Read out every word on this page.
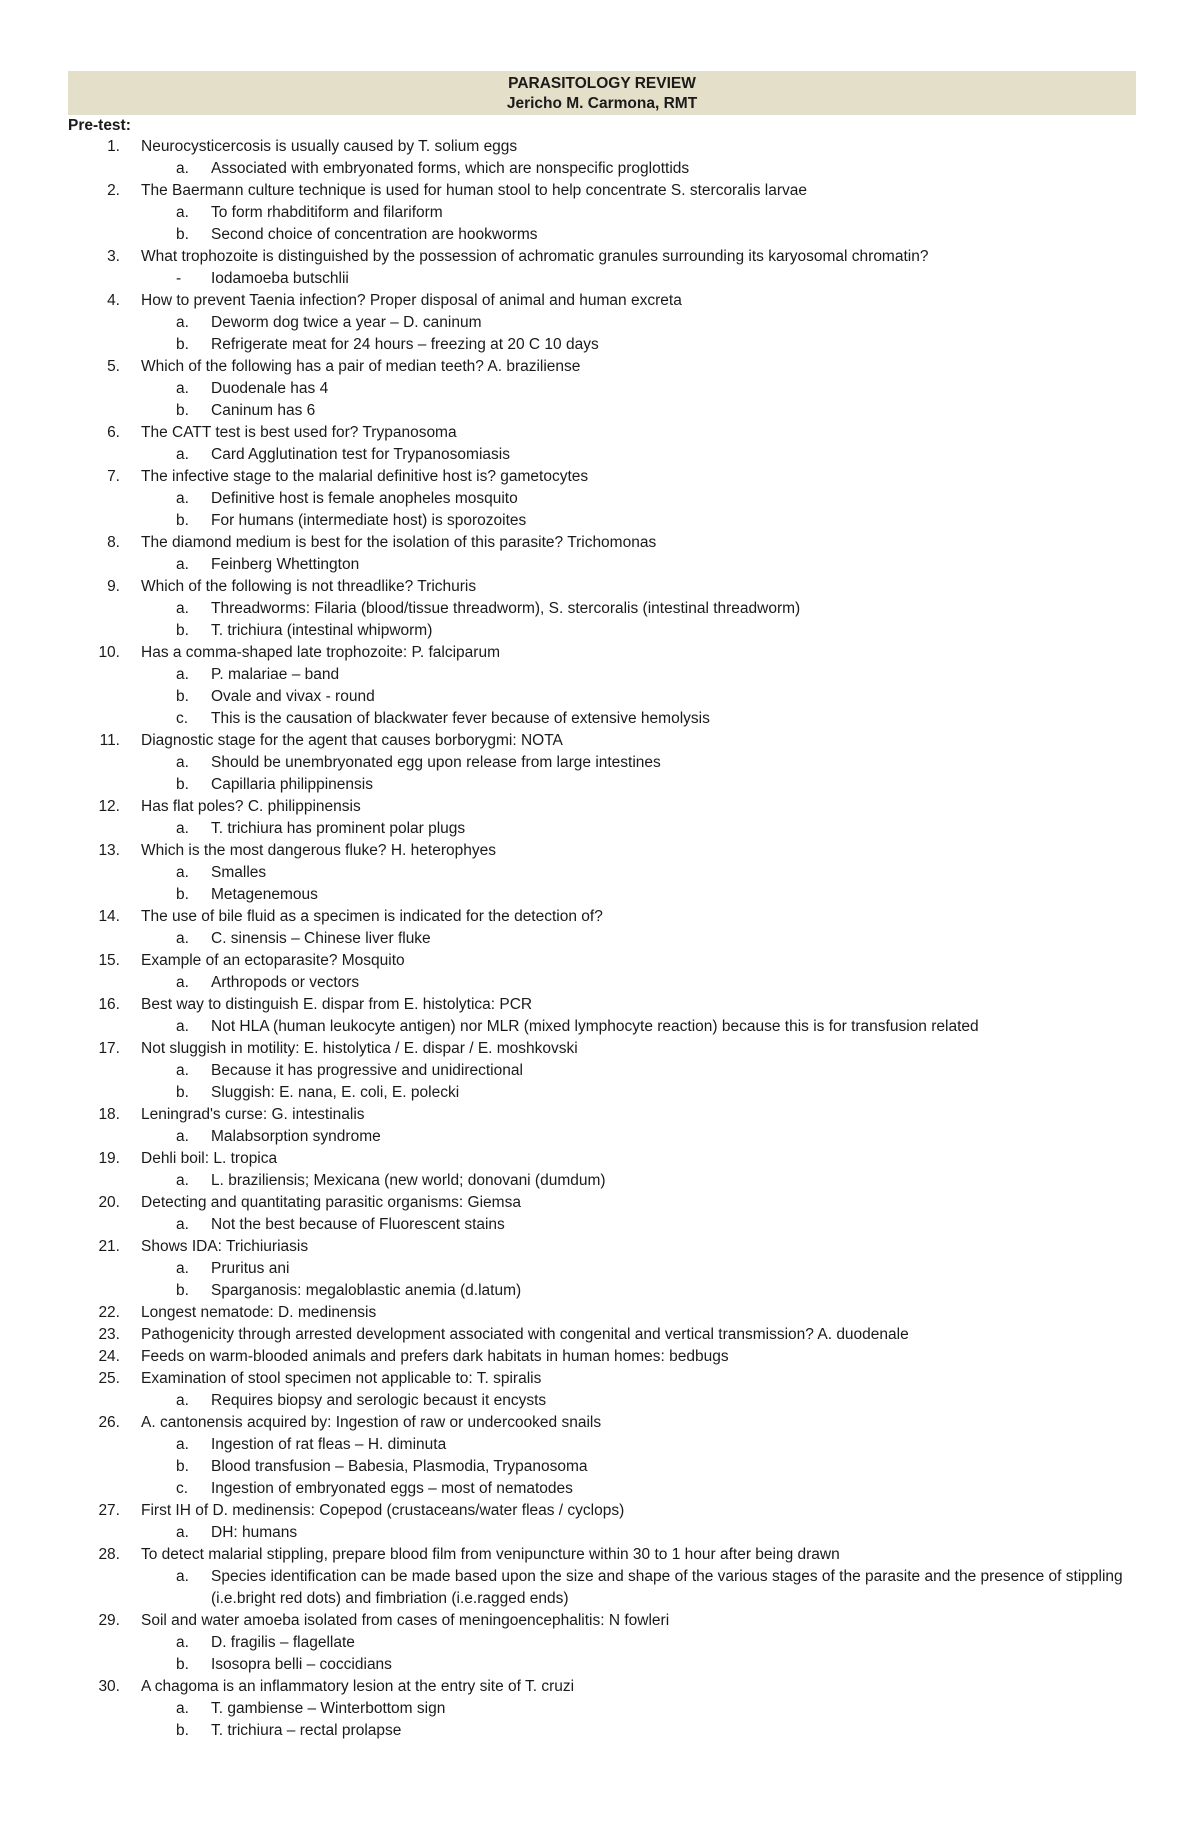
PARASITOLOGY REVIEW
Jericho M. Carmona, RMT
Pre-test:
1. Neurocysticercosis is usually caused by T. solium eggs
a. Associated with embryonated forms, which are nonspecific proglottids
2. The Baermann culture technique is used for human stool to help concentrate S. stercoralis larvae
a. To form rhabditiform and filariform
b. Second choice of concentration are hookworms
3. What trophozoite is distinguished by the possession of achromatic granules surrounding its karyosomal chromatin?
- Iodamoeba butschlii
4. How to prevent Taenia infection? Proper disposal of animal and human excreta
a. Deworm dog twice a year – D. caninum
b. Refrigerate meat for 24 hours – freezing at 20 C 10 days
5. Which of the following has a pair of median teeth? A. braziliense
a. Duodenale has 4
b. Caninum has 6
6. The CATT test is best used for? Trypanosoma
a. Card Agglutination test for Trypanosomiasis
7. The infective stage to the malarial definitive host is? gametocytes
a. Definitive host is female anopheles mosquito
b. For humans (intermediate host) is sporozoites
8. The diamond medium is best for the isolation of this parasite? Trichomonas
a. Feinberg Whettington
9. Which of the following is not threadlike? Trichuris
a. Threadworms: Filaria (blood/tissue threadworm), S. stercoralis (intestinal threadworm)
b. T. trichiura (intestinal whipworm)
10. Has a comma-shaped late trophozoite: P. falciparum
a. P. malariae – band
b. Ovale and vivax - round
c. This is the causation of blackwater fever because of extensive hemolysis
11. Diagnostic stage for the agent that causes borborygmi: NOTA
a. Should be unembryonated egg upon release from large intestines
b. Capillaria philippinensis
12. Has flat poles? C. philippinensis
a. T. trichiura has prominent polar plugs
13. Which is the most dangerous fluke? H. heterophyes
a. Smalles
b. Metagenemous
14. The use of bile fluid as a specimen is indicated for the detection of?
a. C. sinensis – Chinese liver fluke
15. Example of an ectoparasite? Mosquito
a. Arthropods or vectors
16. Best way to distinguish E. dispar from E. histolytica: PCR
a. Not HLA (human leukocyte antigen) nor MLR (mixed lymphocyte reaction) because this is for transfusion related
17. Not sluggish in motility: E. histolytica / E. dispar / E. moshkovski
a. Because it has progressive and unidirectional
b. Sluggish: E. nana, E. coli, E. polecki
18. Leningrad's curse: G. intestinalis
a. Malabsorption syndrome
19. Dehli boil: L. tropica
a. L. braziliensis; Mexicana (new world; donovani (dumdum)
20. Detecting and quantitating parasitic organisms: Giemsa
a. Not the best because of Fluorescent stains
21. Shows IDA: Trichiuriasis
a. Pruritus ani
b. Sparganosis: megaloblastic anemia (d.latum)
22. Longest nematode: D. medinensis
23. Pathogenicity through arrested development associated with congenital and vertical transmission? A. duodenale
24. Feeds on warm-blooded animals and prefers dark habitats in human homes: bedbugs
25. Examination of stool specimen not applicable to: T. spiralis
a. Requires biopsy and serologic becaust it encysts
26. A. cantonensis acquired by: Ingestion of raw or undercooked snails
a. Ingestion of rat fleas – H. diminuta
b. Blood transfusion – Babesia, Plasmodia, Trypanosoma
c. Ingestion of embryonated eggs – most of nematodes
27. First IH of D. medinensis: Copepod (crustaceans/water fleas / cyclops)
a. DH: humans
28. To detect malarial stippling, prepare blood film from venipuncture within 30 to 1 hour after being drawn
a. Species identification can be made based upon the size and shape of the various stages of the parasite and the presence of stippling (i.e.bright red dots) and fimbriation (i.e.ragged ends)
29. Soil and water amoeba isolated from cases of meningoencephalitis: N fowleri
a. D. fragilis – flagellate
b. Isosopra belli – coccidians
30. A chagoma is an inflammatory lesion at the entry site of T. cruzi
a. T. gambiense – Winterbottom sign
b. T. trichiura – rectal prolapse
